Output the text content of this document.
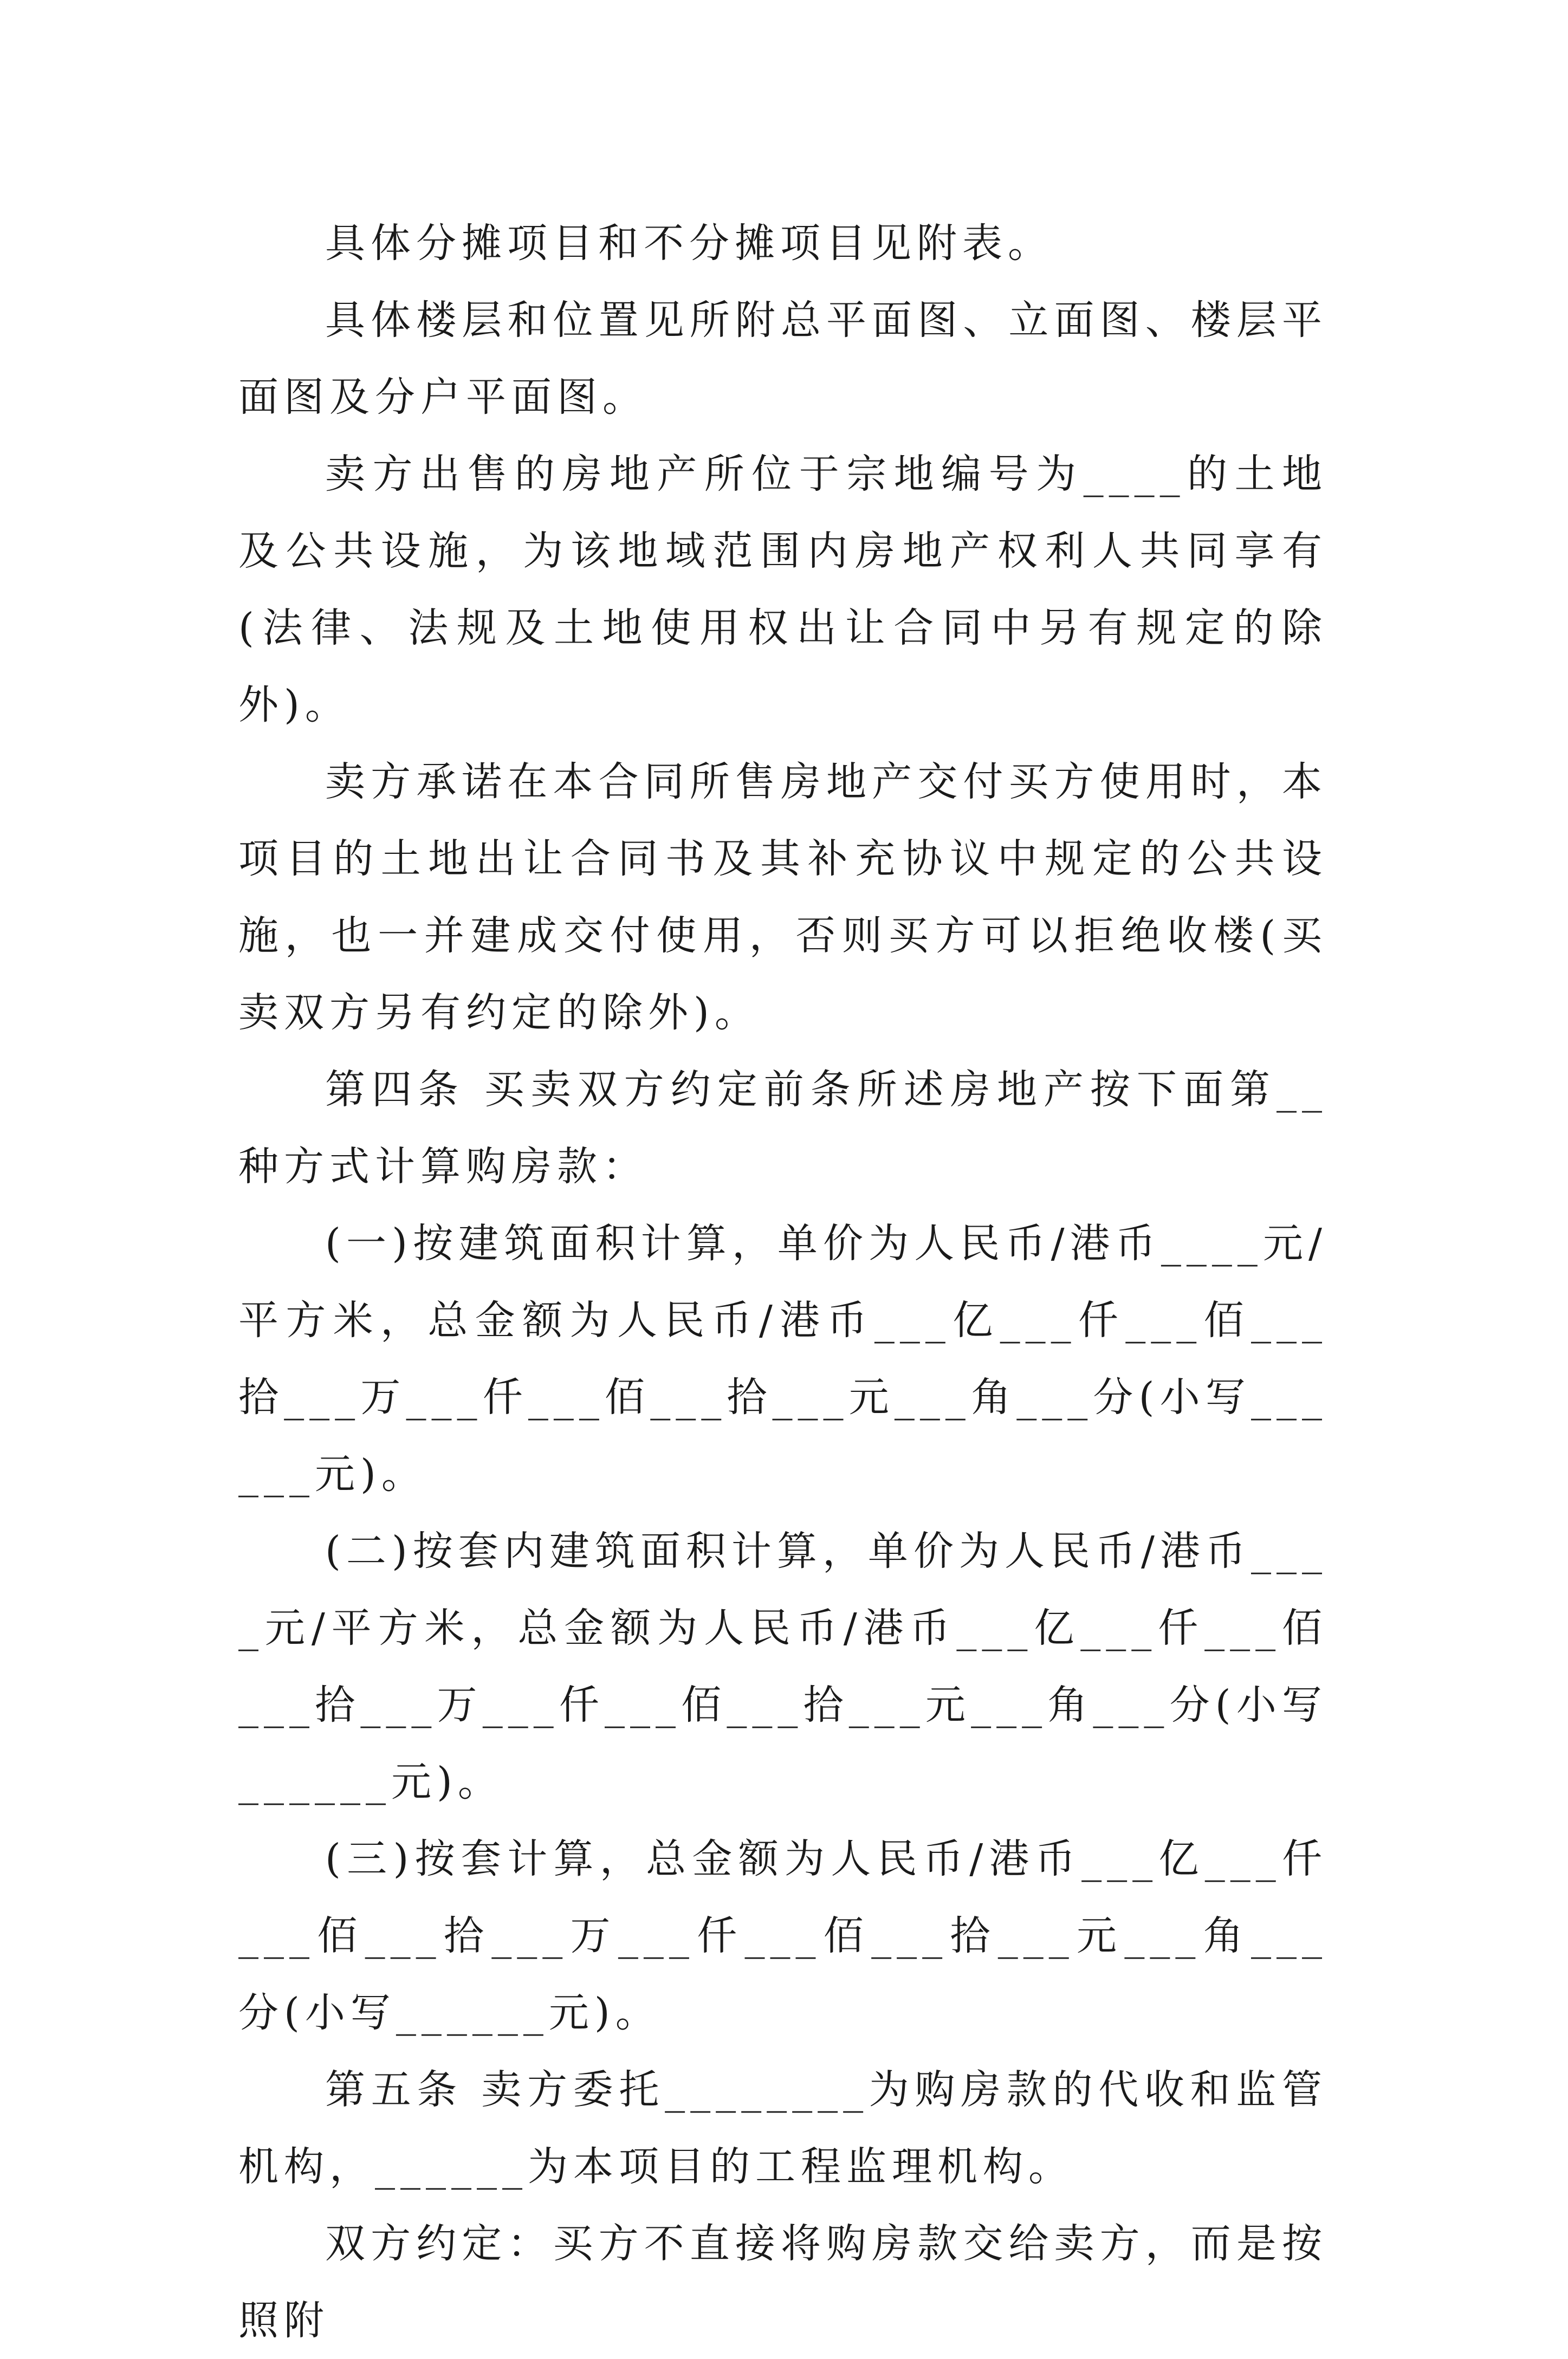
具体分摊项目和不分摊项目见附表。

具体楼层和位置见所附总平面图、立面图、楼层平面图及分户平面图。

卖方出售的房地产所位于宗地编号为____的土地及公共设施，为该地域范围内房地产权利人共同享有(法律、法规及土地使用权出让合同中另有规定的除外)。

卖方承诺在本合同所售房地产交付买方使用时，本项目的土地出让合同书及其补充协议中规定的公共设施，也一并建成交付使用，否则买方可以拒绝收楼(买卖双方另有约定的除外)。

第四条 买卖双方约定前条所述房地产按下面第__种方式计算购房款：

(一)按建筑面积计算，单价为人民币/港币____元/平方米，总金额为人民币/港币___亿___仟___佰___拾___万___仟___佰___拾___元___角___分(小写______元)。

(二)按套内建筑面积计算，单价为人民币/港币____元/平方米，总金额为人民币/港币___亿___仟___佰___拾___万___仟___佰___拾___元___角___分(小写______元)。

(三)按套计算，总金额为人民币/港币___亿___仟___佰___拾___万___仟___佰___拾___元___角___分(小写______元)。

第五条 卖方委托________为购房款的代收和监管机构，______为本项目的工程监理机构。

双方约定：买方不直接将购房款交给卖方，而是按照附
